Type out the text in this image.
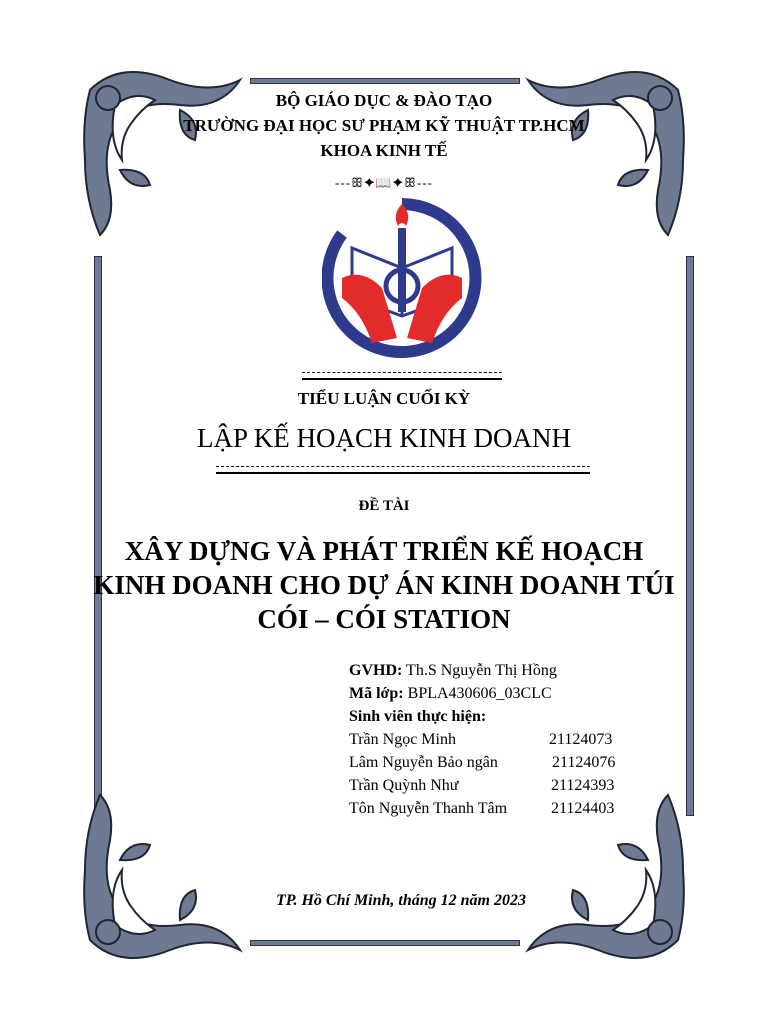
BỘ GIÁO DỤC & ĐÀO TẠO
TRƯỜNG ĐẠI HỌC SƯ PHẠM KỸ THUẬT TP.HCM
KHOA KINH TẾ
---ꕥ✦📖✦ꕥ---
TIỂU LUẬN CUỐI KỲ
LẬP KẾ HOẠCH KINH DOANH
ĐỀ TÀI
XÂY DỰNG VÀ PHÁT TRIỂN KẾ HOẠCH
KINH DOANH CHO DỰ ÁN KINH DOANH TÚI
CÓI – CÓI STATION
GVHD: Th.S Nguyễn Thị Hồng
Mã lớp: BPLA430606_03CLC
Sinh viên thực hiện:
Trần Ngọc Minh	21124073
Lâm Nguyễn Bảo ngân	21124076
Trần Quỳnh Như	21124393
Tôn Nguyễn Thanh Tâm	21124403
TP. Hồ Chí Minh, tháng 12 năm 2023
